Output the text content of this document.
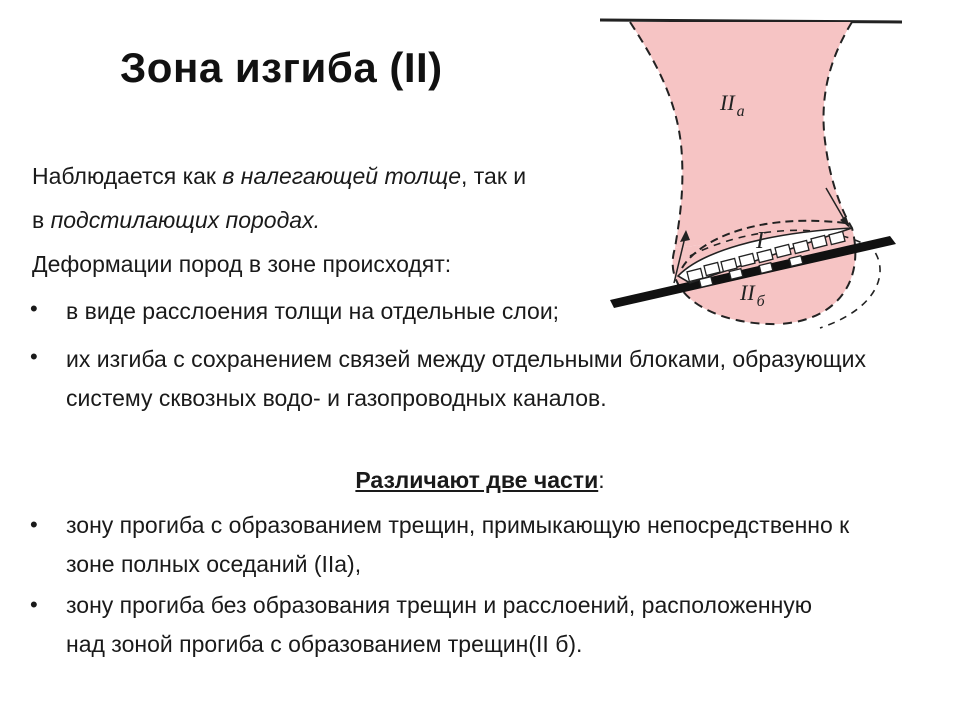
Зона изгиба (II)
II $_а$
I
II $_б$
Наблюдается как в налегающей толще, так и
в подстилающих породах.
Деформации пород в зоне происходят:
• в виде расслоения толщи на отдельные слои;
• их изгиба с сохранением связей между отдельными блоками, образующих систему сквозных водо- и газопроводных каналов.
Различают две части:
• зону прогиба с образованием трещин, примыкающую непосредственно к зоне полных оседаний (IIа),
• зону прогиба без образования трещин и расслоений, расположенную над зоной прогиба с образованием трещин(II б).
